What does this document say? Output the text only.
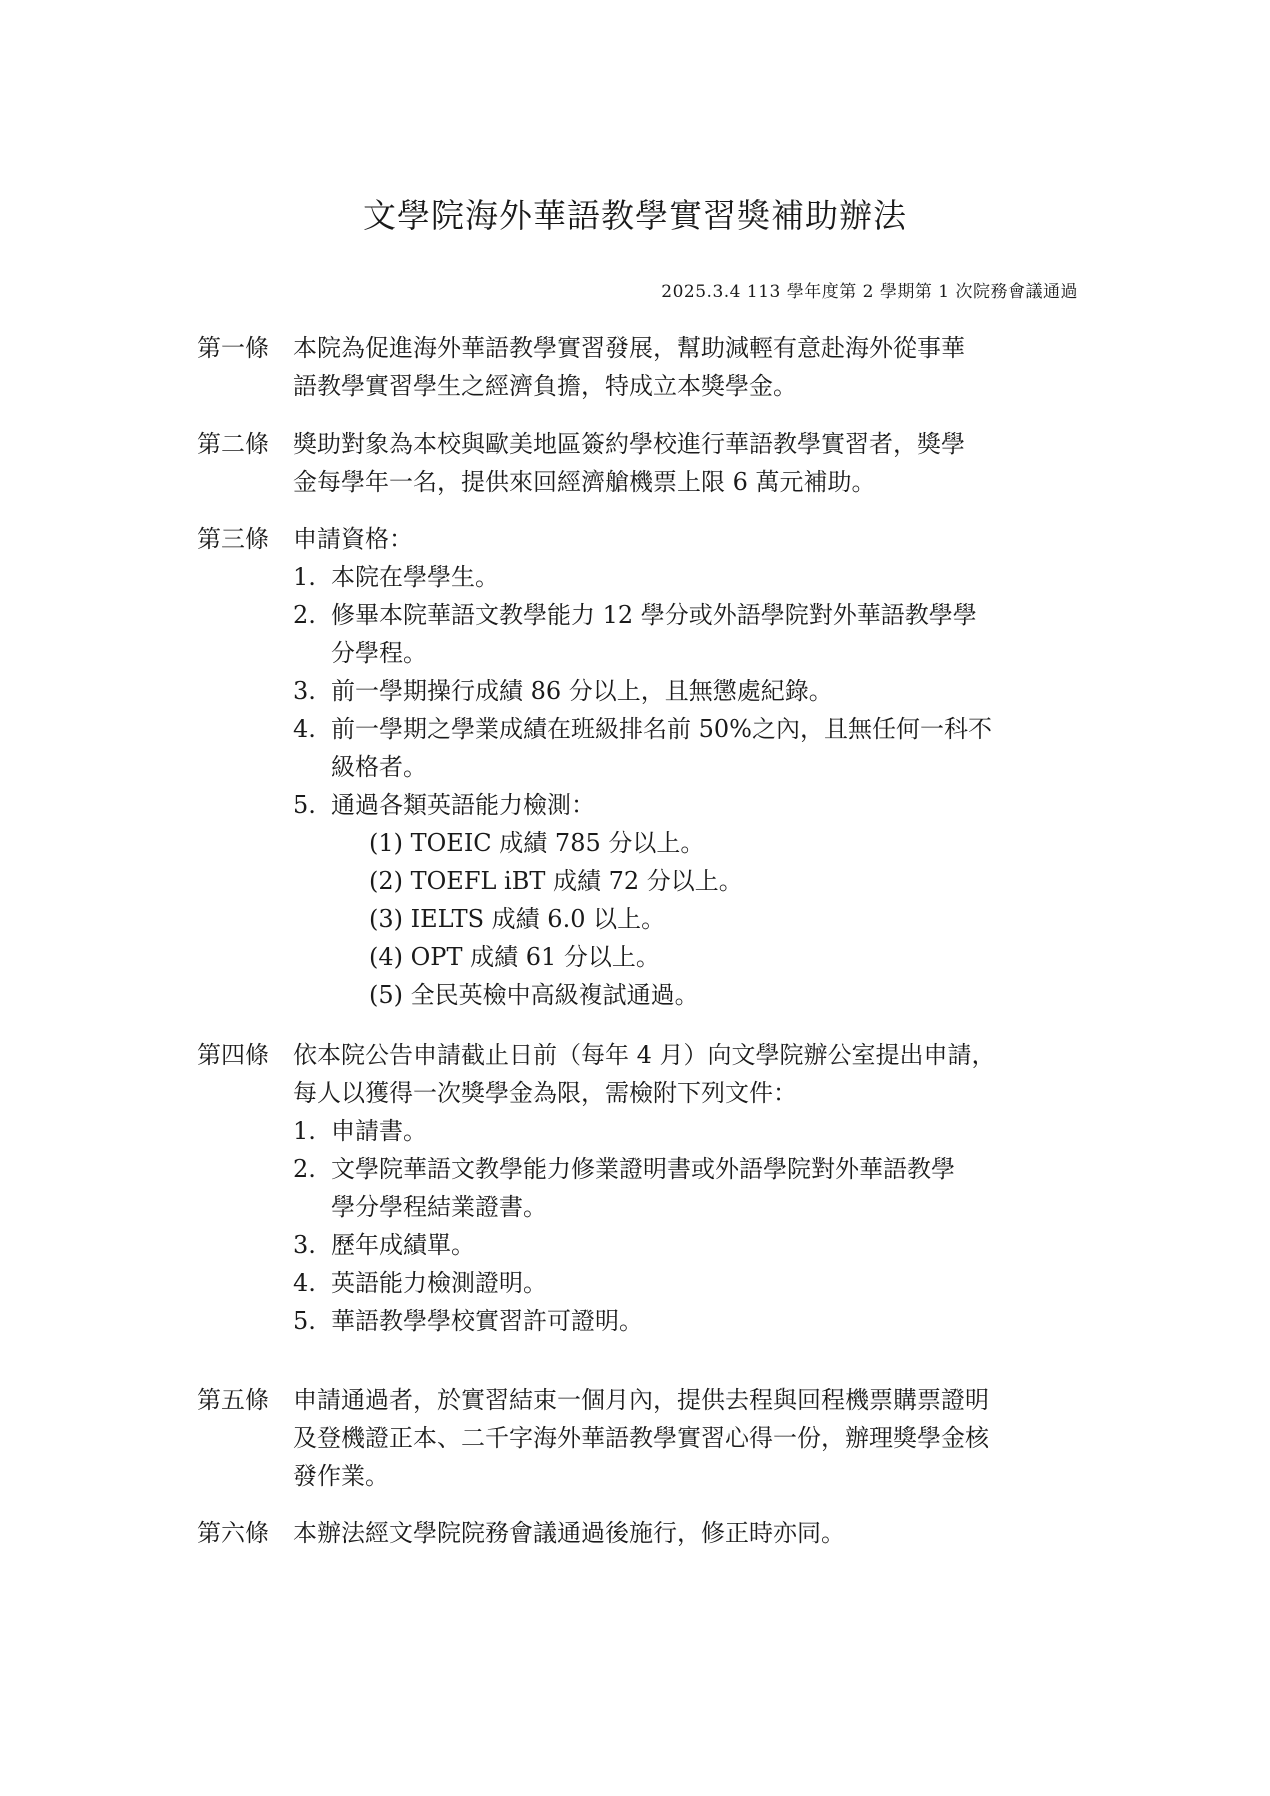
文學院海外華語教學實習獎補助辦法
2025.3.4 113 學年度第 2 學期第 1 次院務會議通過
第一條	本院為促進海外華語教學實習發展，幫助減輕有意赴海外從事華

語教學實習學生之經濟負擔，特成立本獎學金。

第二條	獎助對象為本校與歐美地區簽約學校進行華語教學實習者，獎學

金每學年一名，提供來回經濟艙機票上限 6 萬元補助。

第三條	申請資格：

1. 本院在學學生。

2. 修畢本院華語文教學能力 12 學分或外語學院對外華語教學學

分學程。

3. 前一學期操行成績 86 分以上，且無懲處紀錄。

4. 前一學期之學業成績在班級排名前 50%之內，且無任何一科不

級格者。

5. 通過各類英語能力檢測：

(1) TOEIC 成績 785 分以上。

(2) TOEFL iBT 成績 72 分以上。

(3) IELTS 成績 6.0 以上。

(4) OPT 成績 61 分以上。

(5) 全民英檢中高級複試通過。

第四條	依本院公告申請截止日前（每年 4 月）向文學院辦公室提出申請，

每人以獲得一次獎學金為限，需檢附下列文件：

1. 申請書。

2. 文學院華語文教學能力修業證明書或外語學院對外華語教學

學分學程結業證書。

3. 歷年成績單。

4. 英語能力檢測證明。

5. 華語教學學校實習許可證明。

第五條	申請通過者，於實習結束一個月內，提供去程與回程機票購票證明

及登機證正本、二千字海外華語教學實習心得一份，辦理獎學金核

發作業。

第六條	本辦法經文學院院務會議通過後施行，修正時亦同。
